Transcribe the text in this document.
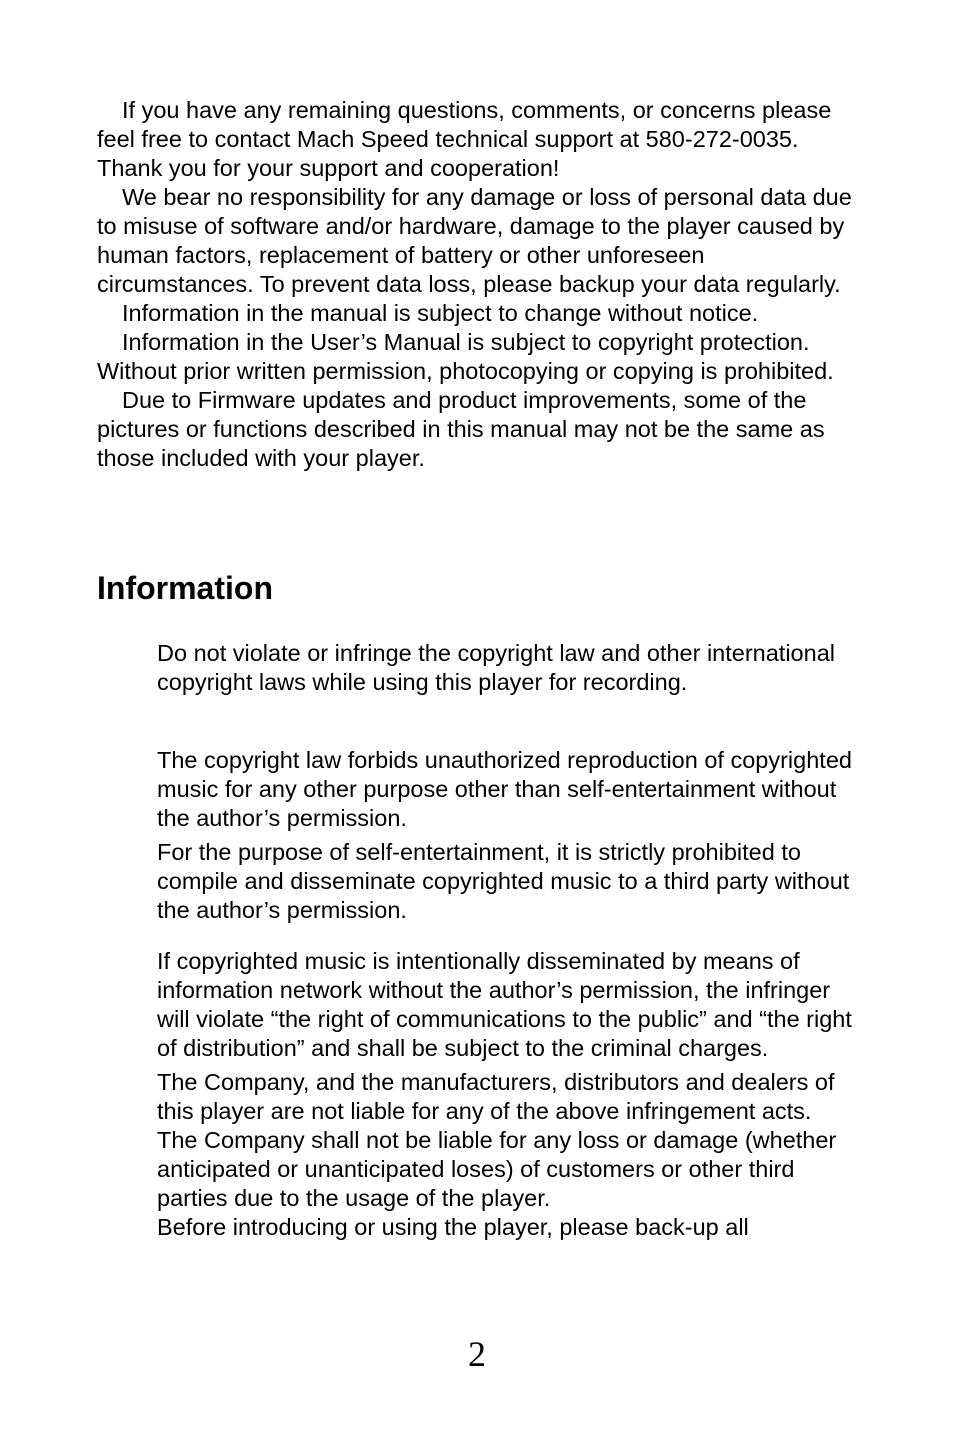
If you have any remaining questions, comments, or concerns please feel free to contact Mach Speed technical support at 580-272-0035. Thank you for your support and cooperation!

We bear no responsibility for any damage or loss of personal data due to misuse of software and/or hardware, damage to the player caused by human factors, replacement of battery or other unforeseen circumstances. To prevent data loss, please backup your data regularly.

Information in the manual is subject to change without notice.

Information in the User’s Manual is subject to copyright protection. Without prior written permission, photocopying or copying is prohibited.

Due to Firmware updates and product improvements, some of the pictures or functions described in this manual may not be the same as those included with your player.

Information

Do not violate or infringe the copyright law and other international copyright laws while using this player for recording.

The copyright law forbids unauthorized reproduction of copyrighted music for any other purpose other than self-entertainment without the author’s permission.

For the purpose of self-entertainment, it is strictly prohibited to compile and disseminate copyrighted music to a third party without the author’s permission.

If copyrighted music is intentionally disseminated by means of information network without the author’s permission, the infringer will violate “the right of communications to the public” and “the right of distribution” and shall be subject to the criminal charges.

The Company, and the manufacturers, distributors and dealers of this player are not liable for any of the above infringement acts.

The Company shall not be liable for any loss or damage (whether anticipated or unanticipated loses) of customers or other third parties due to the usage of the player.

Before introducing or using the player, please back-up all

2
